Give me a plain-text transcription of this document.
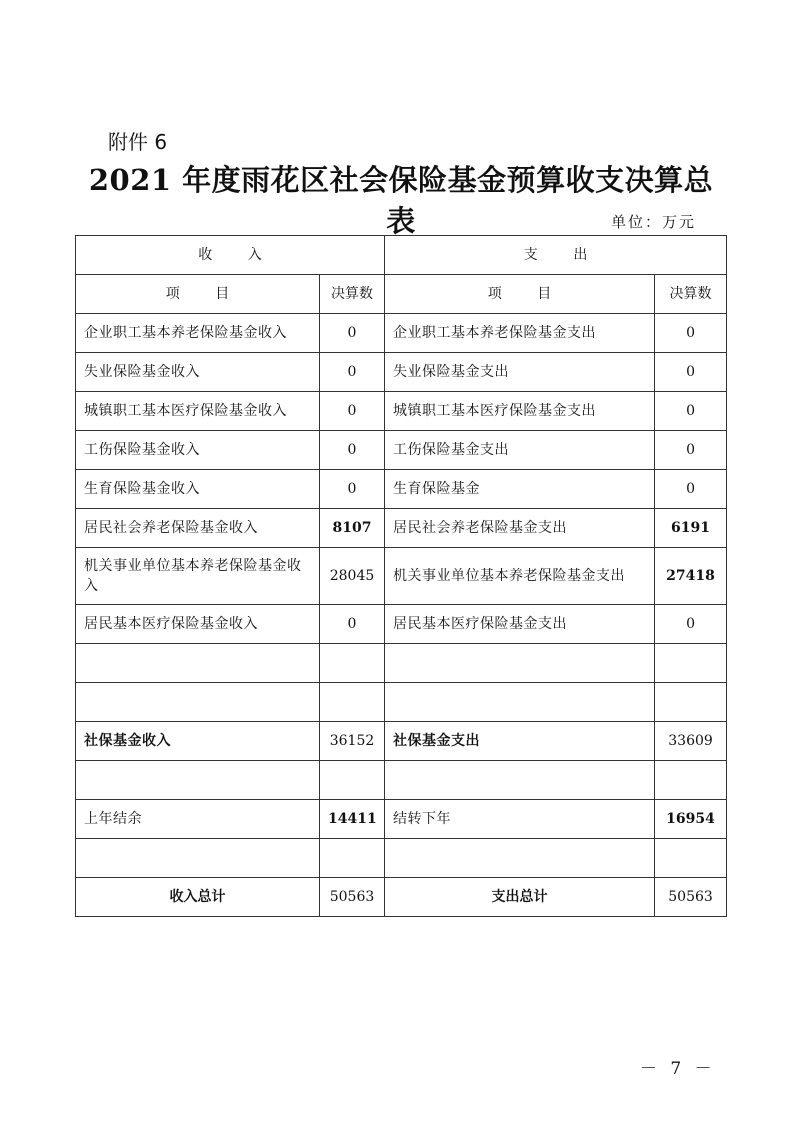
附件 6
2021 年度雨花区社会保险基金预算收支决算总表	单位：万元
收        入		支        出	
项        目	决算数	项        目	决算数
企业职工基本养老保险基金收入	0	企业职工基本养老保险基金支出	0
失业保险基金收入	0	失业保险基金支出	0
城镇职工基本医疗保险基金收入	0	城镇职工基本医疗保险基金支出	0
工伤保险基金收入	0	工伤保险基金支出	0
生育保险基金收入	0	生育保险基金	0
居民社会养老保险基金收入	8107	居民社会养老保险基金支出	6191
机关事业单位基本养老保险基金收入	28045	机关事业单位基本养老保险基金支出	27418
居民基本医疗保险基金收入	0	居民基本医疗保险基金支出	0

社保基金收入	36152	社保基金支出	33609

上年结余	14411	结转下年	16954

收入总计	50563	支出总计	50563
－ 7 －
